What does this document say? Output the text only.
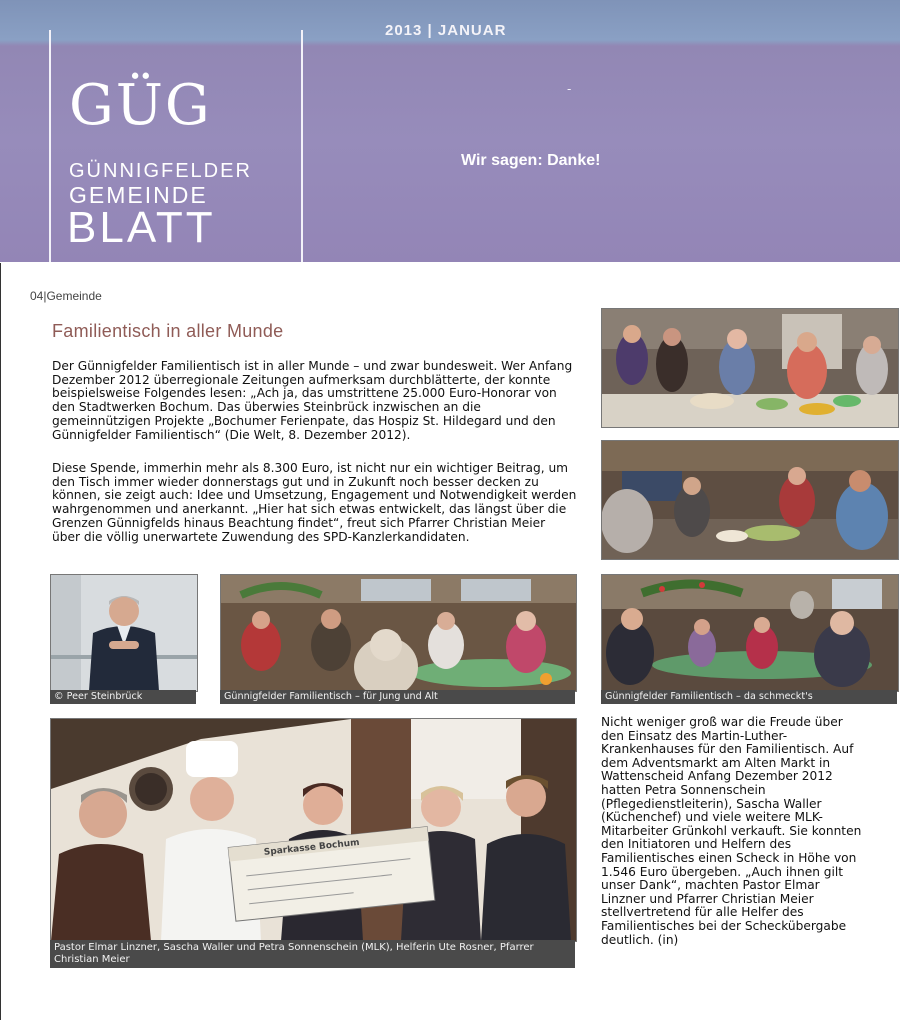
GÜG
GÜNNIGFELDER
GEMEINDE
BLATT
2013 | JANUAR
-
Wir sagen: Danke!
04|Gemeinde
Familientisch in aller Munde
Der Günnigfelder Familientisch ist in aller Munde – und zwar bundesweit. Wer Anfang Dezember 2012 überregionale Zeitungen aufmerksam durchblätterte, der konnte beispielsweise Folgendes lesen: „Ach ja, das umstrittene 25.000 Euro-Honorar von den Stadtwerken Bochum. Das überwies Steinbrück inzwischen an die gemeinnützigen Projekte „Bochumer Ferienpate, das Hospiz St. Hildegard und den Günnigfelder Familientisch“ (Die Welt, 8. Dezember 2012).
Diese Spende, immerhin mehr als 8.300 Euro, ist nicht nur ein wichtiger Beitrag, um den Tisch immer wieder donnerstags gut und in Zukunft noch besser decken zu können, sie zeigt auch: Idee und Umsetzung, Engagement und Notwendigkeit werden wahrgenommen und anerkannt. „Hier hat sich etwas entwickelt, das längst über die Grenzen Günnigfelds hinaus Beachtung findet“, freut sich Pfarrer Christian Meier über die völlig unerwartete Zuwendung des SPD-Kanzlerkandidaten.
© Peer Steinbrück	Günnigfelder Familientisch – für Jung und Alt	Günnigfelder Familientisch – da schmeckt's
Sparkasse Bochum
Pastor Elmar Linzner, Sascha Waller und Petra Sonnenschein (MLK), Helferin Ute Rosner, Pfarrer Christian Meier
Nicht weniger groß war die Freude über den Einsatz des Martin-Luther-Krankenhauses für den Familientisch. Auf dem Adventsmarkt am Alten Markt in Wattenscheid Anfang Dezember 2012 hatten Petra Sonnenschein (Pflegedienstleiterin), Sascha Waller (Küchenchef) und viele weitere MLK-Mitarbeiter Grünkohl verkauft. Sie konnten den Initiatoren und Helfern des Familientisches einen Scheck in Höhe von 1.546 Euro übergeben. „Auch ihnen gilt unser Dank“, machten Pastor Elmar Linzner und Pfarrer Christian Meier stellvertretend für alle Helfer des Familientisches bei der Scheckübergabe deutlich. (in)
